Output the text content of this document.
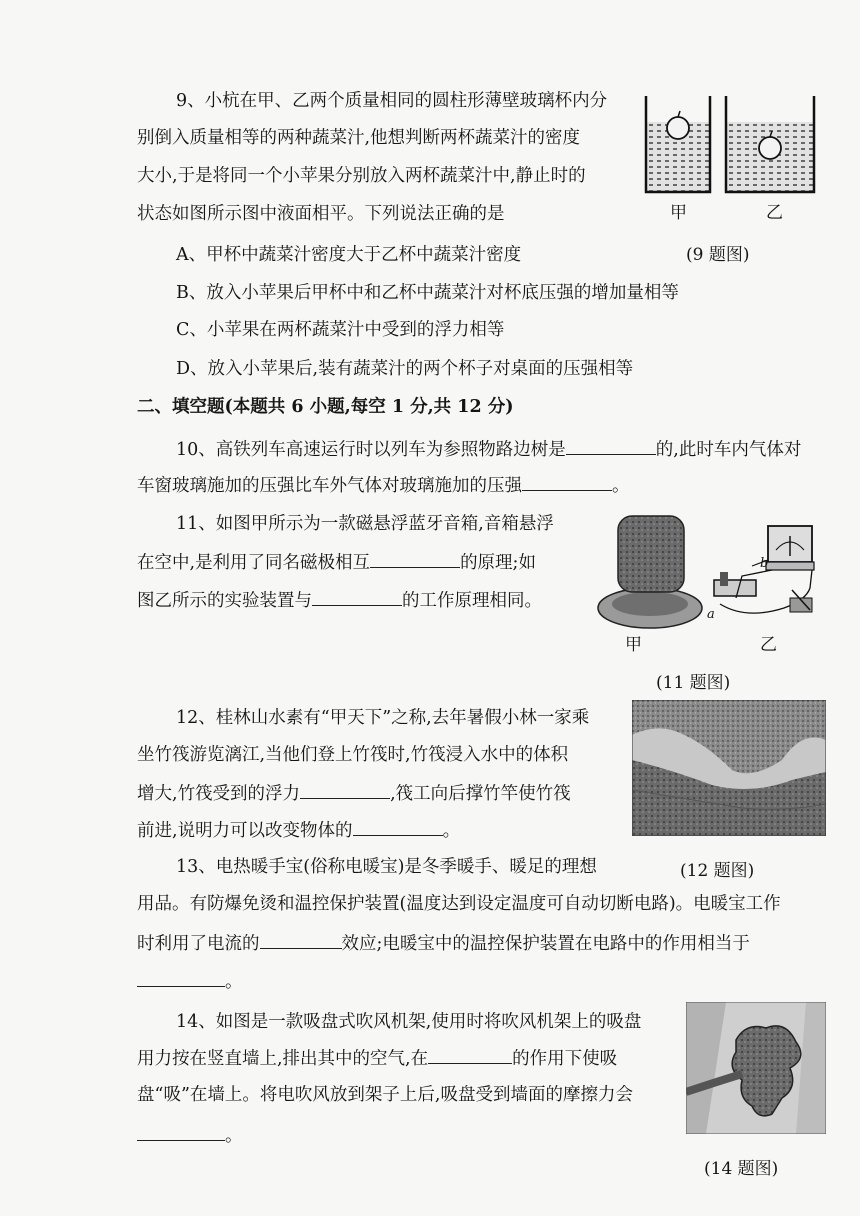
9、小杭在甲、乙两个质量相同的圆柱形薄壁玻璃杯内分
别倒入质量相等的两种蔬菜汁,他想判断两杯蔬菜汁的密度
大小,于是将同一个小苹果分别放入两杯蔬菜汁中,静止时的
状态如图所示图中液面相平。下列说法正确的是
A、甲杯中蔬菜汁密度大于乙杯中蔬菜汁密度
B、放入小苹果后甲杯中和乙杯中蔬菜汁对杯底压强的增加量相等
C、小苹果在两杯蔬菜汁中受到的浮力相等
D、放入小苹果后,装有蔬菜汁的两个杯子对桌面的压强相等
甲	乙
(9 题图)
二、填空题(本题共 6 小题,每空 1 分,共 12 分)
10、高铁列车高速运行时以列车为参照物路边树是	的,此时车内气体对
车窗玻璃施加的压强比车外气体对玻璃施加的压强	。
11、如图甲所示为一款磁悬浮蓝牙音箱,音箱悬浮
在空中,是利用了同名磁极相互	的原理;如
图乙所示的实验装置与	的工作原理相同。
甲
b
a
乙
(11 题图)
12、桂林山水素有“甲天下”之称,去年暑假小林一家乘
坐竹筏游览漓江,当他们登上竹筏时,竹筏浸入水中的体积
增大,竹筏受到的浮力	,筏工向后撑竹竿使竹筏
前进,说明力可以改变物体的	。
(12 题图)
13、电热暖手宝(俗称电暖宝)是冬季暖手、暖足的理想
用品。有防爆免烫和温控保护装置(温度达到设定温度可自动切断电路)。电暖宝工作
时利用了电流的	效应;电暖宝中的温控保护装置在电路中的作用相当于
。
14、如图是一款吸盘式吹风机架,使用时将吹风机架上的吸盘
用力按在竖直墙上,排出其中的空气,在	的作用下使吸
盘“吸”在墙上。将电吹风放到架子上后,吸盘受到墙面的摩擦力会
。
(14 题图)
